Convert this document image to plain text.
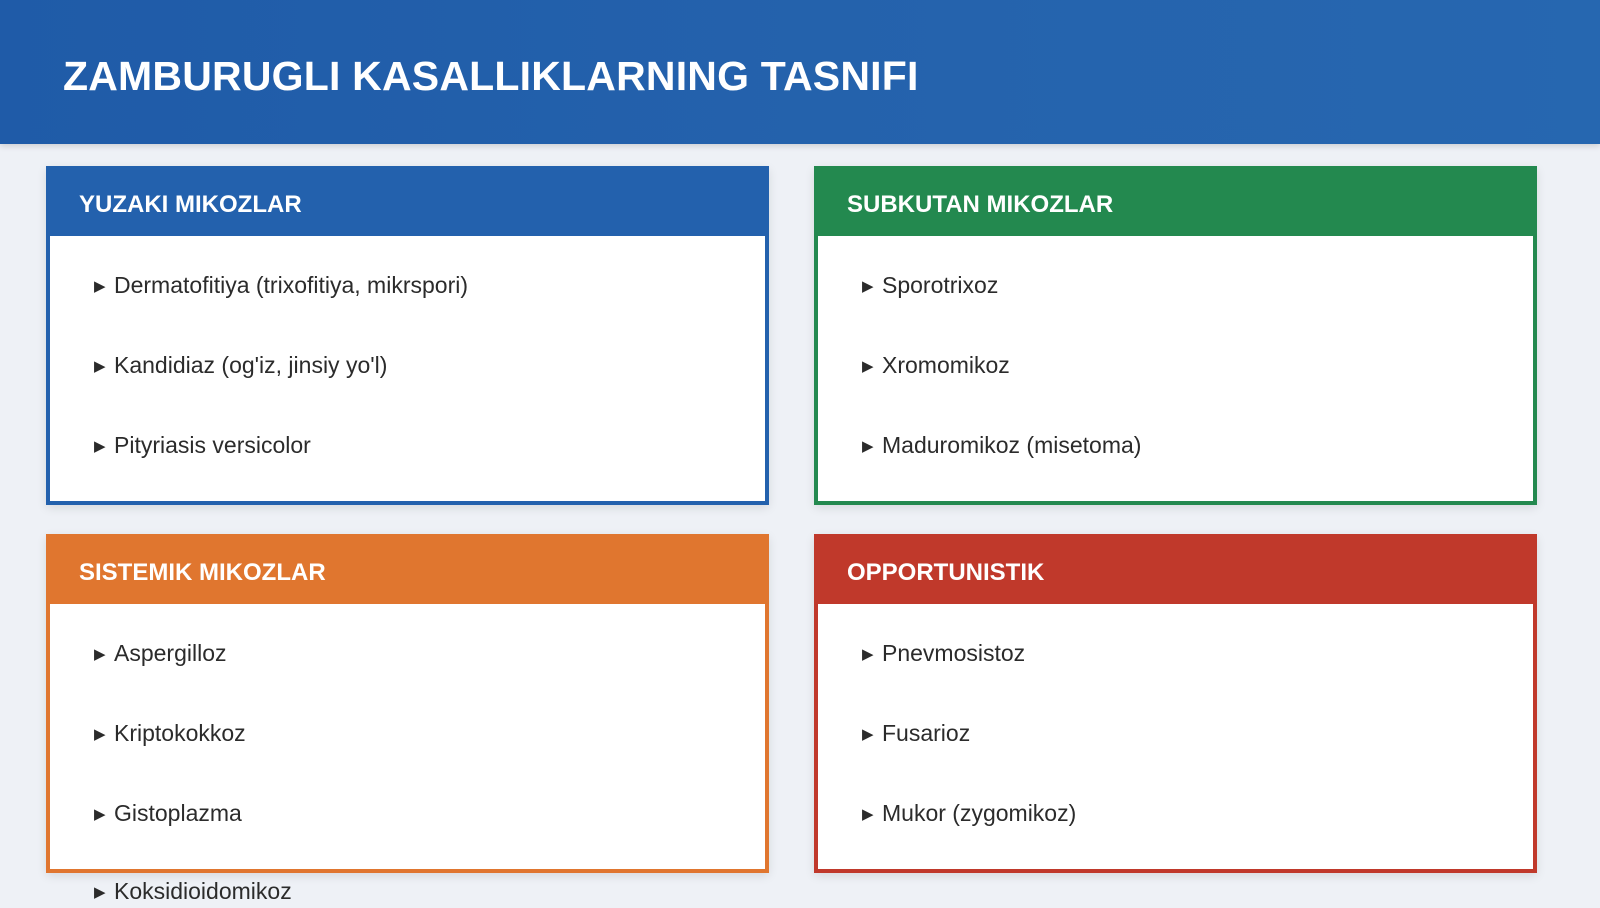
ZAMBURUGLI KASALLIKLARNING TASNIFI
YUZAKI MIKOZLAR
▶ Dermatofitiya (trixofitiya, mikrspori)
▶ Kandidiaz (og'iz, jinsiy yo'l)
▶ Pityriasis versicolor
SUBKUTAN MIKOZLAR
▶ Sporotrixoz
▶ Xromomikoz
▶ Maduromikoz (misetoma)
SISTEMIK MIKOZLAR
▶ Aspergilloz
▶ Kriptokokkoz
▶ Gistoplazma
▶ Koksidioidomikoz
OPPORTUNISTIK
▶ Pnevmosistoz
▶ Fusarioz
▶ Mukor (zygomikoz)
